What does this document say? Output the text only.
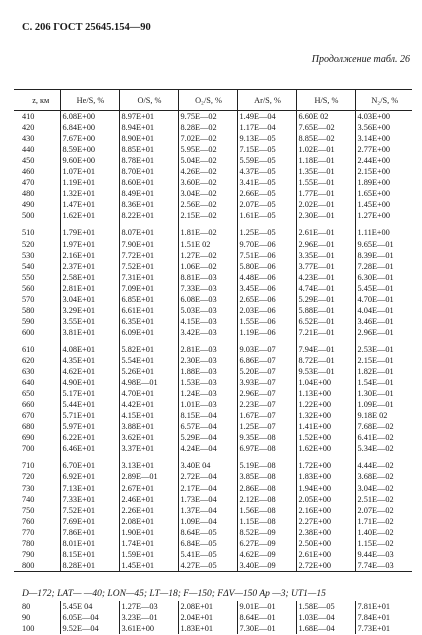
С. 206 ГОСТ 25645.154—90
Продолжение табл. 26
z, км	He/S, %	O/S, %	O₂/S, %	Ar/S, %	H/S, %	N₂/S, %
410	6.08E+00	8.97E+01	9.75E—02	1.49E—04	6.60E 02	4.03E+00
420	6.84E+00	8.94E+01	8.28E—02	1.17E—04	7.65E—02	3.56E+00
430	7.67E+00	8.90E+01	7.02E—02	9.13E—05	8.85E—02	3.14E+00
440	8.59E+00	8.85E+01	5.95E—02	7.15E—05	1.02E—01	2.77E+00
450	9.60E+00	8.78E+01	5.04E—02	5.59E—05	1.18E—01	2.44E+00
460	1.07E+01	8.70E+01	4.26E—02	4.37E—05	1.35E—01	2.15E+00
470	1.19E+01	8.60E+01	3.60E—02	3.41E—05	1.55E—01	1.89E+00
480	1.32E+01	8.49E+01	3.04E—02	2.66E—05	1.77E—01	1.65E+00
490	1.47E+01	8.36E+01	2.56E—02	2.07E—05	2.02E—01	1.45E+00
500	1.62E+01	8.22E+01	2.15E—02	1.61E—05	2.30E—01	1.27E+00

510	1.79E+01	8.07E+01	1.81E—02	1.25E—05	2.61E—01	1.11E+00
520	1.97E+01	7.90E+01	1.51E 02	9.70E—06	2.96E—01	9.65E—01
530	2.16E+01	7.72E+01	1.27E—02	7.51E—06	3.35E—01	8.39E—01
540	2.37E+01	7.52E+01	1.06E—02	5.80E—06	3.77E—01	7.28E—01
550	2.58E+01	7.31E+01	8.81E—03	4.48E—06	4.23E—01	6.30E—01
560	2.81E+01	7.09E+01	7.33E—03	3.45E—06	4.74E—01	5.45E—01
570	3.04E+01	6.85E+01	6.08E—03	2.65E—06	5.29E—01	4.70E—01
580	3.29E+01	6.61E+01	5.03E—03	2.03E—06	5.88E—01	4.04E—01
590	3.55E+01	6.35E+01	4.15E—03	1.55E—06	6.52E—01	3.46E—01
600	3.81E+01	6.09E+01	3.42E—03	1.19E—06	7.21E—01	2.96E—01

610	4.08E+01	5.82E+01	2.81E—03	9.03E—07	7.94E—01	2.53E—01
620	4.35E+01	5.54E+01	2.30E—03	6.86E—07	8.72E—01	2.15E—01
630	4.62E+01	5.26E+01	1.88E—03	5.20E—07	9.53E—01	1.82E—01
640	4.90E+01	4.98E—01	1.53E—03	3.93E—07	1.04E+00	1.54E—01
650	5.17E+01	4.70E+01	1.24E—03	2.96E—07	1.13E+00	1.30E—01
660	5.44E+01	4.42E+01	1.01E—03	2.23E—07	1.22E+00	1.09E—01
670	5.71E+01	4.15E+01	8.15E—04	1.67E—07	1.32E+00	9.18E 02
680	5.97E+01	3.88E+01	6.57E—04	1.25E—07	1.41E+00	7.68E—02
690	6.22E+01	3.62E+01	5.29E—04	9.35E—08	1.52E+00	6.41E—02
700	6.46E+01	3.37E+01	4.24E—04	6.97E—08	1.62E+00	5.34E—02

710	6.70E+01	3.13E+01	3.40E 04	5.19E—08	1.72E+00	4.44E—02
720	6.92E+01	2.89E—01	2.72E—04	3.85E—08	1.83E+00	3.68E—02
730	7.13E+01	2.67E+01	2.17E—04	2.86E—08	1.94E+00	3.04E—02
740	7.33E+01	2.46E+01	1.73E—04	2.12E—08	2.05E+00	2.51E—02
750	7.52E+01	2.26E+01	1.37E—04	1.56E—08	2.16E+00	2.07E—02
760	7.69E+01	2.08E+01	1.09E—04	1.15E—08	2.27E+00	1.71E—02
770	7.86E+01	1.90E+01	8.64E—05	8.52E—09	2.38E+00	1.40E—02
780	8.01E+01	1.74E+01	6.84E—05	6.27E—09	2.50E+00	1.15E—02
790	8.15E+01	1.59E+01	5.41E—05	4.62E—09	2.61E+00	9.44E—03
800	8.28E+01	1.45E+01	4.27E—05	3.40E—09	2.72E+00	7.74E—03
D—172; LAT— —40; LON—45; LT—18; F—150; FΔV—150 Ap —3; UT1—15
80	5.45E 04	1.27E—03	2.08E+01	9.01E—01	1.58E—05	7.81E+01
90	6.05E—04	3.23E—01	2.04E+01	8.64E—01	1.03E—04	7.84E+01
100	9.52E—04	3.61E+00	1.83E+01	7.30E—01	1.68E—04	7.73E+01
